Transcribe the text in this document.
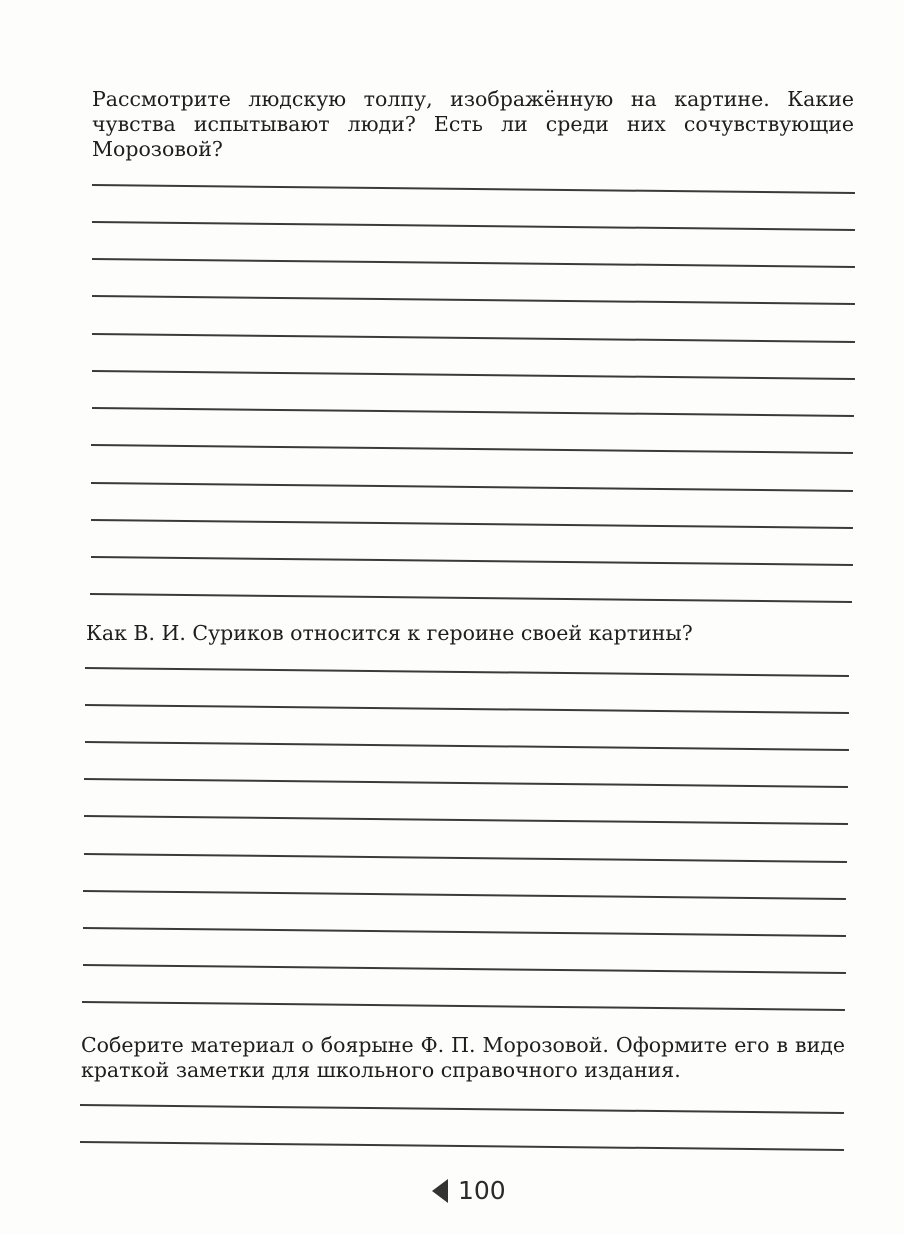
Рассмотрите людскую толпу, изображённую на картине. Какие чувства испытывают люди? Есть ли среди них сочувствующие Морозовой?

Как В. И. Суриков относится к героине своей картины?

Соберите материал о боярыне Ф. П. Морозовой. Оформите его в виде краткой заметки для школьного справочного издания.

100
